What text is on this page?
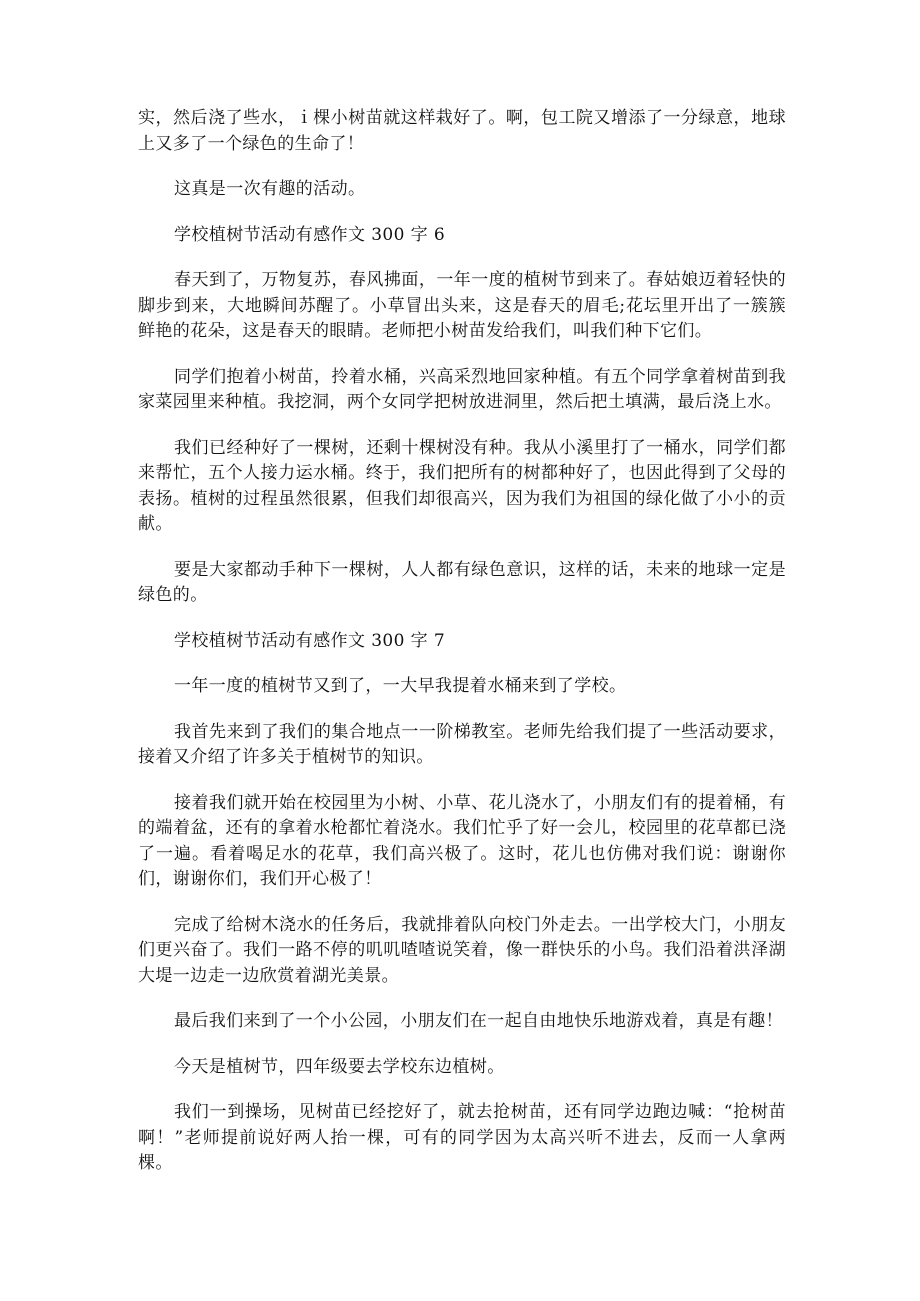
实，然后浇了些水，ｉ棵小树苗就这样栽好了。啊，包工院又增添了一分绿意，地球上又多了一个绿色的生命了！

这真是一次有趣的活动。

学校植树节活动有感作文 300 字 6

春天到了，万物复苏，春风拂面，一年一度的植树节到来了。春姑娘迈着轻快的脚步到来，大地瞬间苏醒了。小草冒出头来，这是春天的眉毛;花坛里开出了一簇簇鲜艳的花朵，这是春天的眼睛。老师把小树苗发给我们，叫我们种下它们。

同学们抱着小树苗，拎着水桶，兴高采烈地回家种植。有五个同学拿着树苗到我家菜园里来种植。我挖洞，两个女同学把树放进洞里，然后把土填满，最后浇上水。

我们已经种好了一棵树，还剩十棵树没有种。我从小溪里打了一桶水，同学们都来帮忙，五个人接力运水桶。终于，我们把所有的树都种好了，也因此得到了父母的表扬。植树的过程虽然很累，但我们却很高兴，因为我们为祖国的绿化做了小小的贡献。

要是大家都动手种下一棵树，人人都有绿色意识，这样的话，未来的地球一定是绿色的。

学校植树节活动有感作文 300 字 7

一年一度的植树节又到了，一大早我提着水桶来到了学校。

我首先来到了我们的集合地点一一阶梯教室。老师先给我们提了一些活动要求，接着又介绍了许多关于植树节的知识。

接着我们就开始在校园里为小树、小草、花儿浇水了，小朋友们有的提着桶，有的端着盆，还有的拿着水枪都忙着浇水。我们忙乎了好一会儿，校园里的花草都已浇了一遍。看着喝足水的花草，我们高兴极了。这时，花儿也仿佛对我们说：谢谢你们，谢谢你们，我们开心极了！

完成了给树木浇水的任务后，我就排着队向校门外走去。一出学校大门，小朋友们更兴奋了。我们一路不停的叽叽喳喳说笑着，像一群快乐的小鸟。我们沿着洪泽湖大堤一边走一边欣赏着湖光美景。

最后我们来到了一个小公园，小朋友们在一起自由地快乐地游戏着，真是有趣！

今天是植树节，四年级要去学校东边植树。

我们一到操场，见树苗已经挖好了，就去抢树苗，还有同学边跑边喊：“抢树苗啊！”老师提前说好两人抬一棵，可有的同学因为太高兴听不进去，反而一人拿两棵。
